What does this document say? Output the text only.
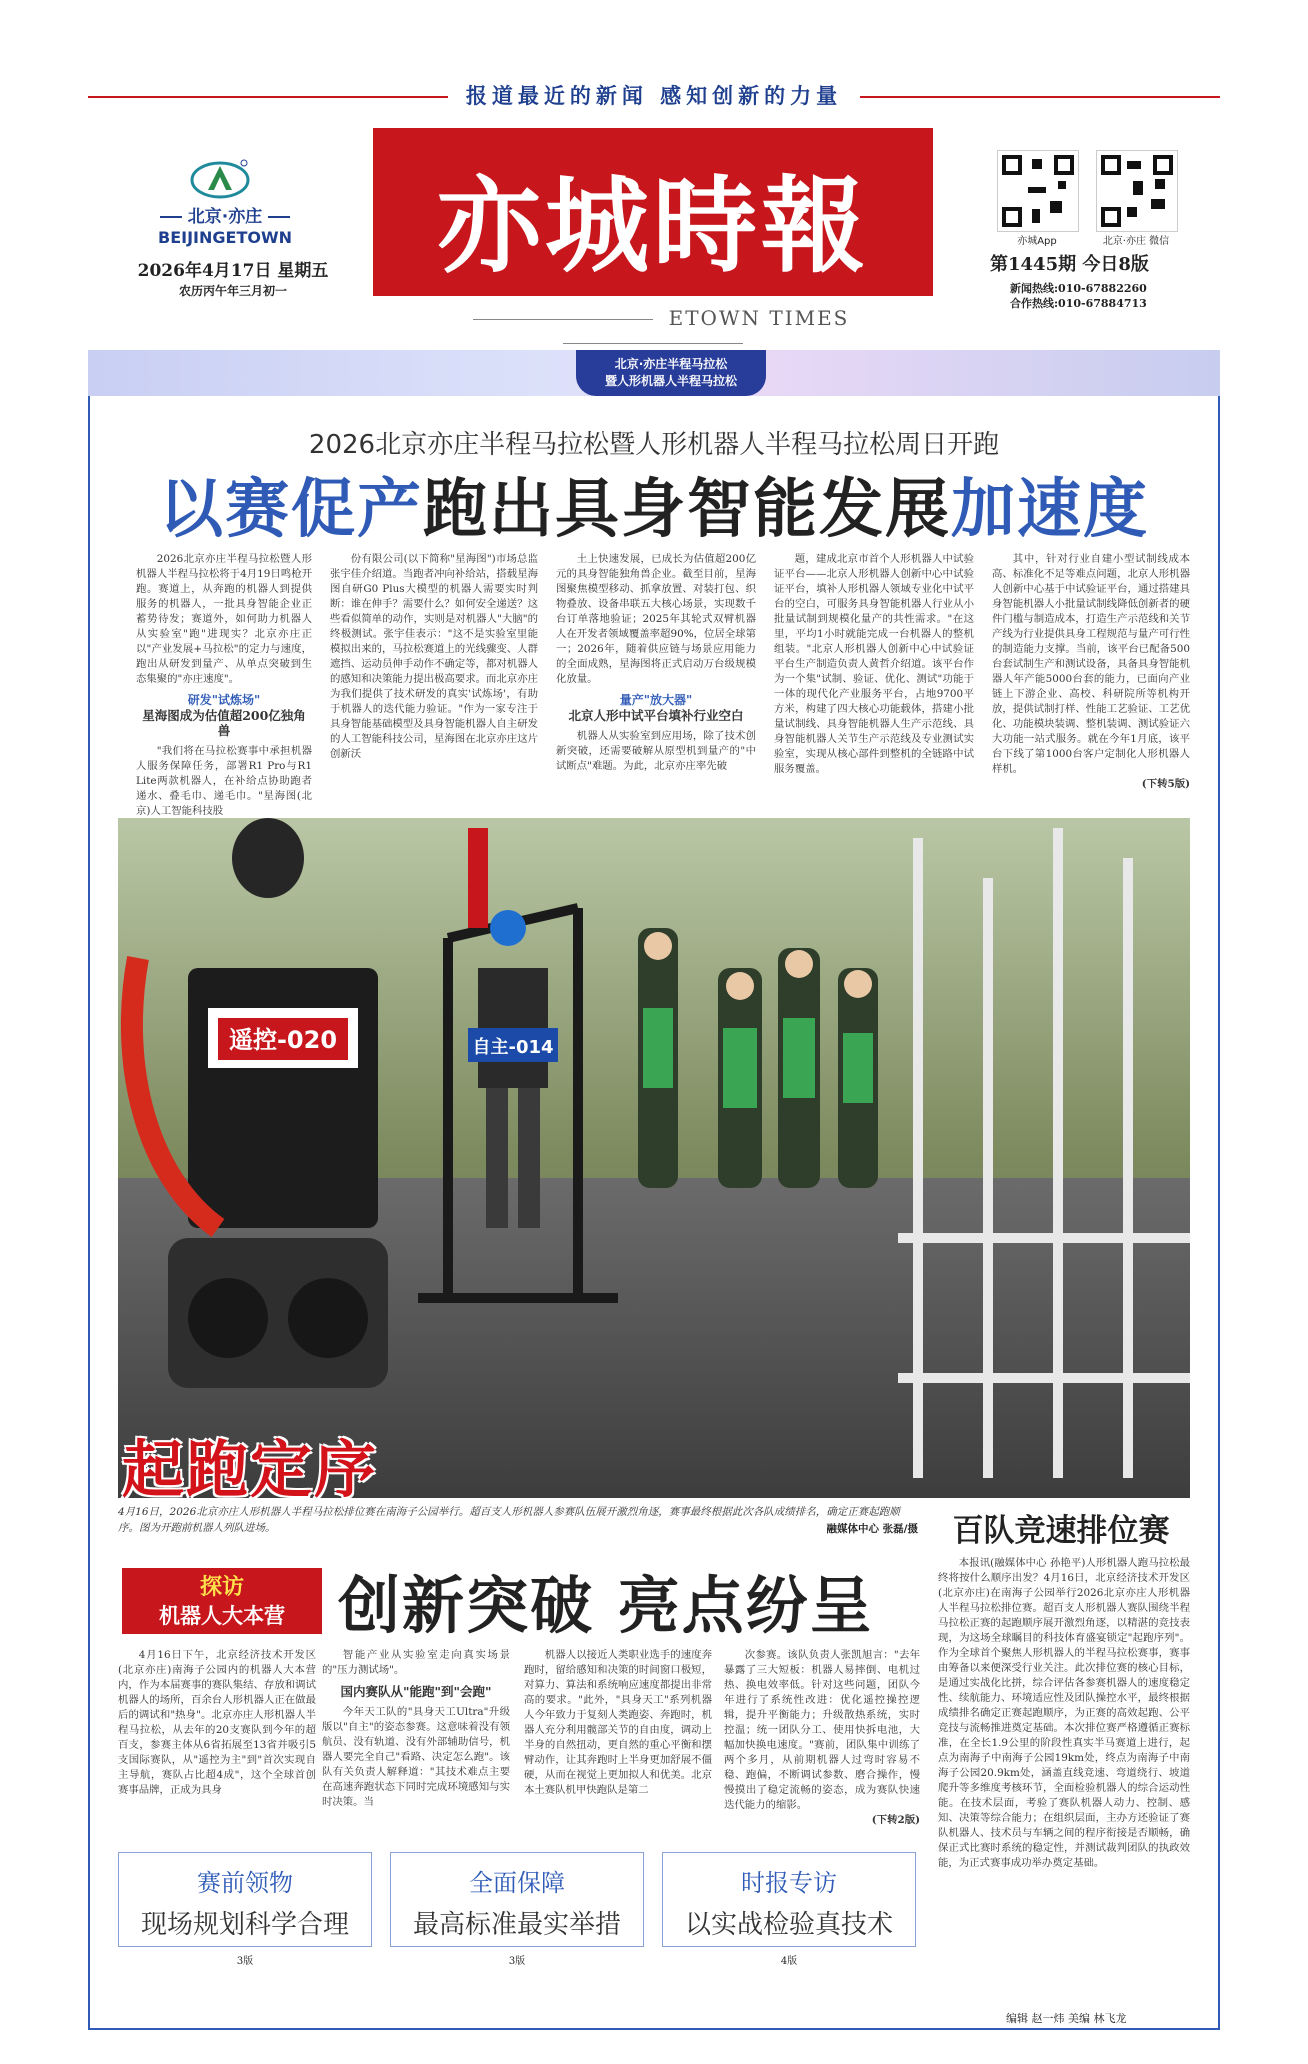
报道最近的新闻 感知创新的力量
北京·亦庄
BEIJINGETOWN
2026年4月17日 星期五
农历丙午年三月初一
亦城時報
ETOWN TIMES
亦城App	北京·亦庄 微信
第1445期 今日8版
新闻热线:010-67882260
合作热线:010-67884713
北京·亦庄半程马拉松
暨人形机器人半程马拉松
2026北京亦庄半程马拉松暨人形机器人半程马拉松周日开跑
以赛促产跑出具身智能发展加速度

2026北京亦庄半程马拉松暨人形机器人半程马拉松将于4月19日鸣枪开跑。赛道上，从奔跑的机器人到提供服务的机器人，一批具身智能企业正蓄势待发；赛道外，如何助力机器人从实验室"跑"进现实？北京亦庄正以"产业发展+马拉松"的定力与速度，跑出从研发到量产、从单点突破到生态集聚的"亦庄速度"。

研发"试炼场"

星海图成为估值超200亿独角兽

"我们将在马拉松赛事中承担机器人服务保障任务，部署R1 Pro与R1 Lite两款机器人，在补给点协助跑者递水、叠毛巾、递毛巾。"星海图(北京)人工智能科技股

份有限公司(以下简称"星海图")市场总监张宇佳介绍道。当跑者冲向补给站，搭载星海图自研G0 Plus大模型的机器人需要实时判断：谁在伸手？需要什么？如何安全递送？这些看似简单的动作，实则是对机器人"大脑"的终极测试。张宇佳表示："这不是实验室里能模拟出来的，马拉松赛道上的光线骤变、人群遮挡、运动员伸手动作不确定等，都对机器人的感知和决策能力提出极高要求。而北京亦庄为我们提供了技术研发的真实'试炼场'，有助于机器人的迭代能力验证。"作为一家专注于具身智能基础模型及具身智能机器人自主研发的人工智能科技公司，星海图在北京亦庄这片创新沃

土上快速发展，已成长为估值超200亿元的具身智能独角兽企业。截至目前，星海图聚焦模型移动、抓拿放置、对装打包、织物叠放、设备串联五大核心场景，实现数千台订单落地验证；2025年其轮式双臂机器人在开发者领域覆盖率超90%，位居全球第一；2026年，随着供应链与场景应用能力的全面成熟，星海图将正式启动万台级规模化放量。

量产"放大器"

北京人形中试平台填补行业空白

机器人从实验室到应用场，除了技术创新突破，还需要破解从原型机到量产的"中试断点"难题。为此，北京亦庄率先破

题，建成北京市首个人形机器人中试验证平台——北京人形机器人创新中心中试验证平台，填补人形机器人领域专业化中试平台的空白，可服务具身智能机器人行业从小批量试制到规模化量产的共性需求。"在这里，平均1小时就能完成一台机器人的整机组装。"北京人形机器人创新中心中试验证平台生产制造负责人黄哲介绍道。该平台作为一个集"试制、验证、优化、测试"功能于一体的现代化产业服务平台，占地9700平方米，构建了四大核心功能载体，搭建小批量试制线、具身智能机器人生产示范线、具身智能机器人关节生产示范线及专业测试实验室，实现从核心部件到整机的全链路中试服务覆盖。

其中，针对行业自建小型试制线成本高、标准化不足等难点问题，北京人形机器人创新中心基于中试验证平台，通过搭建具身智能机器人小批量试制线降低创新者的硬件门槛与制造成本，打造生产示范线和关节产线为行业提供具身工程规范与量产可行性的制造能力支撑。当前，该平台已配备500台套试制生产和测试设备，具备具身智能机器人年产能5000台套的能力，已面向产业链上下游企业、高校、科研院所等机构开放，提供试制打样、性能工艺验证、工艺优化、功能模块装调、整机装调、测试验证六大功能一站式服务。就在今年1月底，该平台下线了第1000台客户定制化人形机器人样机。

(下转5版)

自主-014
遥控-020
起跑定序
4月16日，2026北京亦庄人形机器人半程马拉松排位赛在南海子公园举行。超百支人形机器人参赛队伍展开激烈角逐，赛事最终根据此次各队成绩排名，确定正赛起跑顺序。图为开跑前机器人列队进场。	融媒体中心 张磊/摄	百队竞速排位赛

本报讯(融媒体中心 孙艳平)人形机器人跑马拉松最终将按什么顺序出发？4月16日，北京经济技术开发区(北京亦庄)在南海子公园举行2026北京亦庄人形机器人半程马拉松排位赛。超百支人形机器人赛队围绕半程马拉松正赛的起跑顺序展开激烈角逐，以精湛的竞技表现，为这场全球瞩目的科技体育盛宴锁定"起跑序列"。作为全球首个聚焦人形机器人的半程马拉松赛事，赛事由筹备以来便深受行业关注。此次排位赛的核心目标，是通过实战化比拼，综合评估各参赛机器人的速度稳定性、续航能力、环境适应性及团队操控水平，最终根据成绩排名确定正赛起跑顺序，为正赛的高效起跑、公平竞技与流畅推进奠定基础。本次排位赛严格遵循正赛标准，在全长1.9公里的阶段性真实半马赛道上进行，起点为南海子中南海子公园19km处，终点为南海子中南海子公园20.9km处，涵盖直线竞速、弯道绕行、坡道爬升等多维度考核环节，全面检验机器人的综合运动性能。在技术层面，考验了赛队机器人动力、控制、感知、决策等综合能力；在组织层面，主办方还验证了赛队机器人、技术员与车辆之间的程序衔接是否顺畅，确保正式比赛时系统的稳定性，并测试裁判团队的执政效能，为正式赛事成功举办奠定基础。

探访
机器人大本营 创新突破 亮点纷呈

4月16日下午，北京经济技术开发区(北京亦庄)南海子公园内的机器人大本营内，作为本届赛事的赛队集结、存放和调试机器人的场所，百余台人形机器人正在做最后的调试和"热身"。北京亦庄人形机器人半程马拉松，从去年的20支赛队到今年的超百支，参赛主体从6省拓展至13省并吸引5支国际赛队，从"遥控为主"到"首次实现自主导航，赛队占比超4成"，这个全球首创赛事品牌，正成为具身

智能产业从实验室走向真实场景的"压力测试场"。

国内赛队从"能跑"到"会跑"

今年天工队的"具身天工Ultra"升级版以"自主"的姿态参赛。这意味着没有领航员、没有轨道、没有外部辅助信号，机器人要完全自己"看路、决定怎么跑"。该队有关负责人解释道："其技术难点主要在高速奔跑状态下同时完成环境感知与实时决策。当

机器人以接近人类职业选手的速度奔跑时，留给感知和决策的时间窗口极短，对算力、算法和系统响应速度都提出非常高的要求。"此外，"具身天工"系列机器人今年致力于复刻人类跑姿、奔跑时，机器人充分利用髋部关节的自由度，调动上半身的自然扭动，更自然的重心平衡和摆臂动作，让其奔跑时上半身更加舒展不僵硬，从而在视觉上更加拟人和优美。北京本土赛队机甲快跑队是第二

次参赛。该队负责人张凯旭言："去年暴露了三大短板：机器人易摔倒、电机过热、换电效率低。针对这些问题，团队今年进行了系统性改进：优化遥控操控逻辑，提升平衡能力；升级散热系统，实时控温；统一团队分工、使用快拆电池，大幅加快换电速度。"赛前，团队集中训练了两个多月，从前期机器人过弯时容易不稳、跑偏，不断调试参数、磨合操作，慢慢摸出了稳定流畅的姿态，成为赛队快速迭代能力的缩影。

(下转2版)

赛前领物
现场规划科学合理
3版
全面保障
最高标准最实举措
3版
时报专访
以实战检验真技术
4版
编辑 赵一炜 美编 林飞龙
